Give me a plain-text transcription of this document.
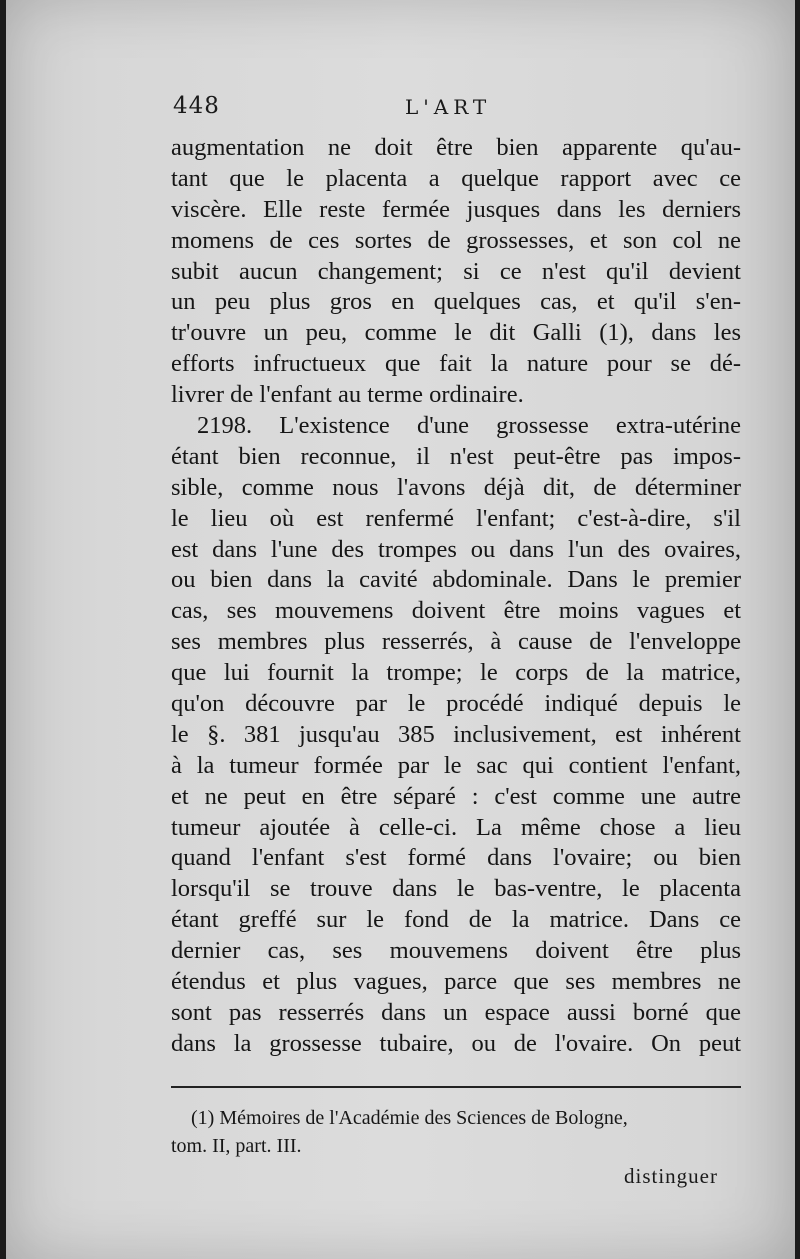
448	L'ART
augmentation ne doit être bien apparente qu'au-
tant que le placenta a quelque rapport avec ce
viscère. Elle reste fermée jusques dans les derniers
momens de ces sortes de grossesses, et son col ne
subit aucun changement; si ce n'est qu'il devient
un peu plus gros en quelques cas, et qu'il s'en-
tr'ouvre un peu, comme le dit Galli (1), dans les
efforts infructueux que fait la nature pour se dé-
livrer de l'enfant au terme ordinaire.
2198. L'existence d'une grossesse extra-utérine
étant bien reconnue, il n'est peut-être pas impos-
sible, comme nous l'avons déjà dit, de déterminer
le lieu où est renfermé l'enfant; c'est-à-dire, s'il
est dans l'une des trompes ou dans l'un des ovaires,
ou bien dans la cavité abdominale. Dans le premier
cas, ses mouvemens doivent être moins vagues et
ses membres plus resserrés, à cause de l'enveloppe
que lui fournit la trompe; le corps de la matrice,
qu'on découvre par le procédé indiqué depuis le
le §. 381 jusqu'au 385 inclusivement, est inhérent
à la tumeur formée par le sac qui contient l'enfant,
et ne peut en être séparé : c'est comme une autre
tumeur ajoutée à celle-ci. La même chose a lieu
quand l'enfant s'est formé dans l'ovaire; ou bien
lorsqu'il se trouve dans le bas-ventre, le placenta
étant greffé sur le fond de la matrice. Dans ce
dernier cas, ses mouvemens doivent être plus
étendus et plus vagues, parce que ses membres ne
sont pas resserrés dans un espace aussi borné que
dans la grossesse tubaire, ou de l'ovaire. On peut
(1) Mémoires de l'Académie des Sciences de Bologne,
tom. II, part. III.
distinguer
